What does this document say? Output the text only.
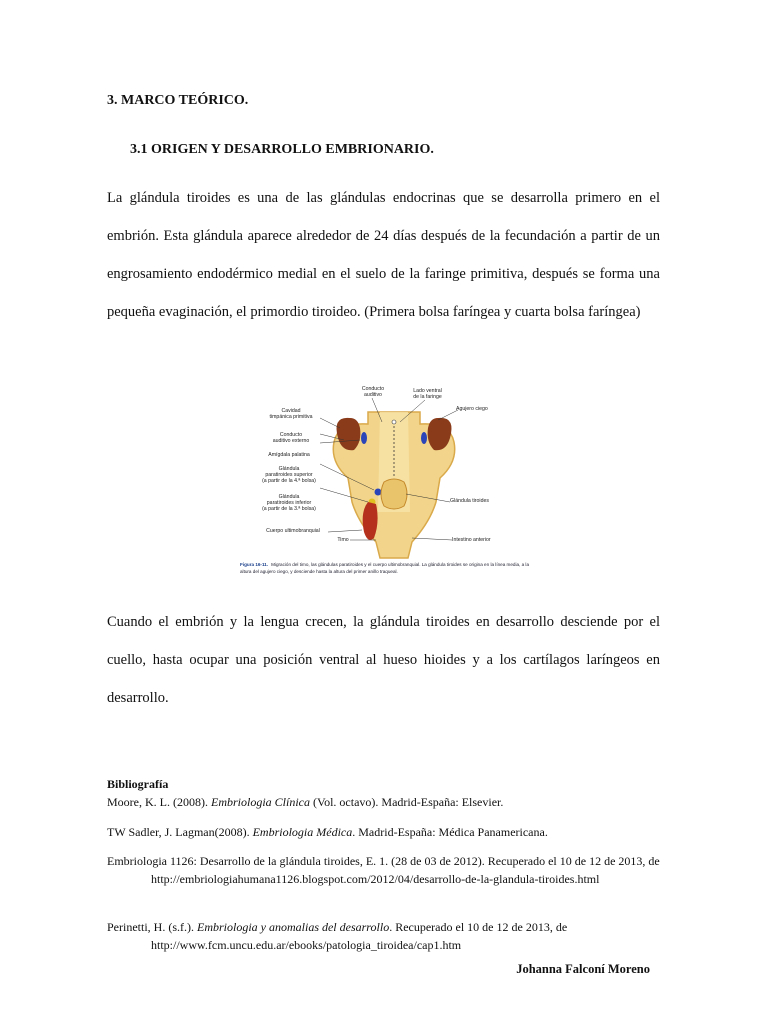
3. MARCO TEÓRICO.
3.1 ORIGEN Y DESARROLLO EMBRIONARIO.

La glándula tiroides es una de las glándulas endocrinas que se desarrolla primero en el embrión. Esta glándula aparece alrededor de 24 días después de la fecundación a partir de un engrosamiento endodérmico medial en el suelo de la faringe primitiva, después se forma una pequeña evaginación, el primordio tiroideo. (Primera bolsa faríngea y cuarta bolsa faríngea)

Conducto
auditivo
Lado ventral
de la faringe
Cavidad
timpánica primitiva
Agujero ciego
Conducto
auditivo externo
Amígdala palatina
Glándula
paratiroides superior
(a partir de la 4.ª bolsa)
Glándula
paratiroides inferior
(a partir de la 3.ª bolsa)
Glándula tiroides
Cuerpo ultimobranquial
Timo	Intestino anterior
Figura 16-11. Migración del timo, las glándulas paratiroides y el cuerpo ultimobranquial. La glándula tiroides se origina en la línea media, a la altura del agujero ciego, y desciende hasta la altura del primer anillo traqueal.

Cuando el embrión y la lengua crecen, la glándula tiroides en desarrollo desciende por el cuello, hasta ocupar una posición ventral al hueso hioides y a los cartílagos laríngeos en desarrollo.

Bibliografía

Moore, K. L. (2008). Embriologia Clínica (Vol. octavo). Madrid-España: Elsevier.

TW Sadler, J. Lagman(2008). Embriologia Médica. Madrid-España: Médica Panamericana.

Embriologia 1126: Desarrollo de la glándula tiroides, E. 1. (28 de 03 de 2012). Recuperado el 10 de 12 de 2013, de http://embriologiahumana1126.blogspot.com/2012/04/desarrollo-de-la-glandula-tiroides.html

Perinetti, H. (s.f.). Embriologia y anomalias del desarrollo. Recuperado el 10 de 12 de 2013, de http://www.fcm.uncu.edu.ar/ebooks/patologia_tiroidea/cap1.htm

Johanna Falconí Moreno
